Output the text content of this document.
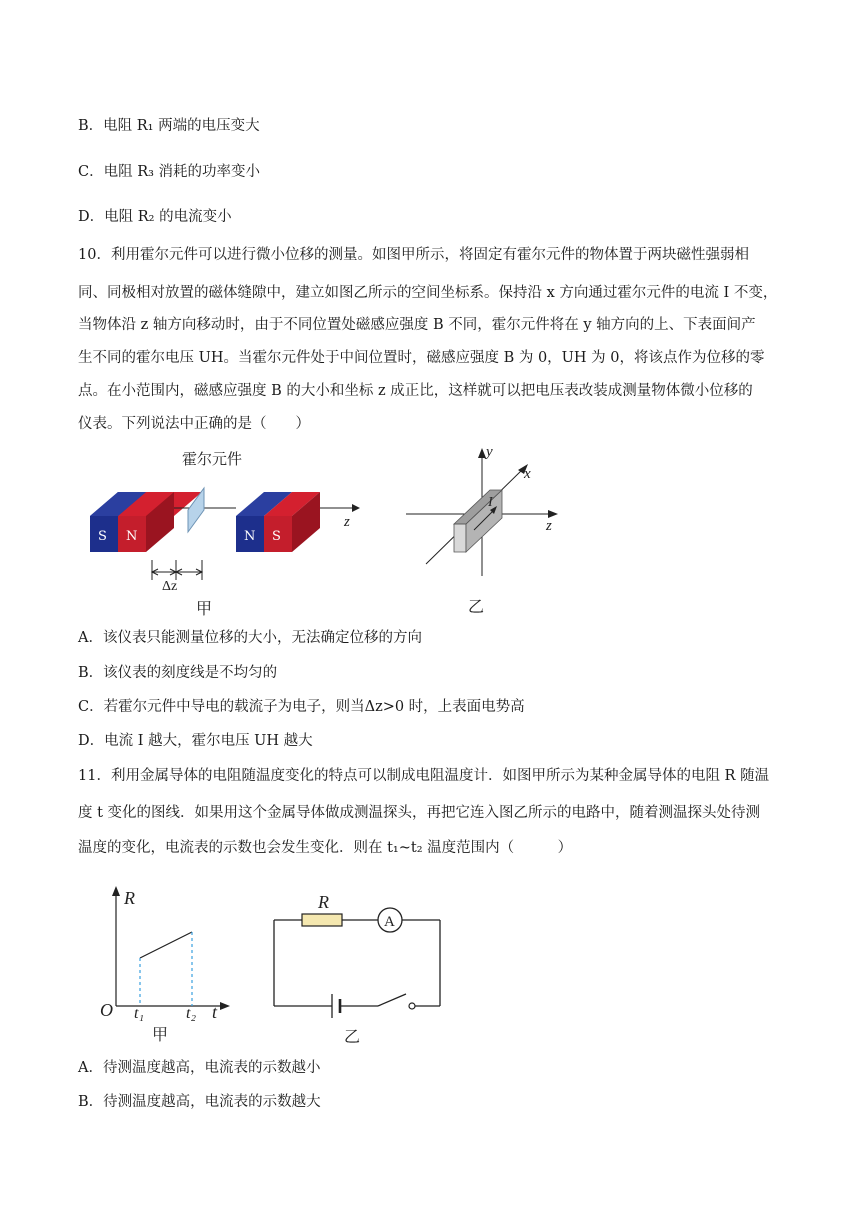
B．电阻 R₁ 两端的电压变大
C．电阻 R₃ 消耗的功率变小
D．电阻 R₂ 的电流变小
10．利用霍尔元件可以进行微小位移的测量。如图甲所示，将固定有霍尔元件的物体置于两块磁性强弱相
同、同极相对放置的磁体缝隙中，建立如图乙所示的空间坐标系。保持沿 x 方向通过霍尔元件的电流 I 不变，
当物体沿 z 轴方向移动时，由于不同位置处磁感应强度 B 不同，霍尔元件将在 y 轴方向的上、下表面间产
生不同的霍尔电压 UH。当霍尔元件处于中间位置时，磁感应强度 B 为 0，UH 为 0，将该点作为位移的零
点。在小范围内，磁感应强度 B 的大小和坐标 z 成正比，这样就可以把电压表改装成测量物体微小位移的
仪表。下列说法中正确的是（　　）
S N	N S
霍尔元件
z
Δz
甲
y
x
z
I
乙
A．该仪表只能测量位移的大小，无法确定位移的方向
B．该仪表的刻度线是不均匀的
C．若霍尔元件中导电的载流子为电子，则当Δz>0 时，上表面电势高
D．电流 I 越大，霍尔电压 UH 越大
11．利用金属导体的电阻随温度变化的特点可以制成电阻温度计．如图甲所示为某种金属导体的电阻 R 随温
度 t 变化的图线．如果用这个金属导体做成测温探头，再把它连入图乙所示的电路中，随着测温探头处待测
温度的变化，电流表的示数也会发生变化．则在 t₁~t₂ 温度范围内（　　　）
R
O t₁	t₂ t
甲
R
A
乙
A．待测温度越高，电流表的示数越小
B．待测温度越高，电流表的示数越大
